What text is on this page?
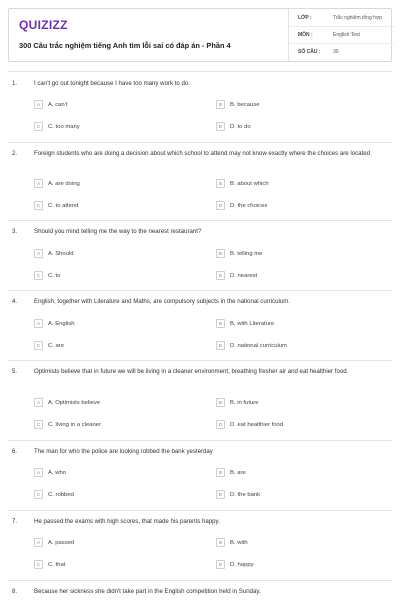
QUIZIZZ
300 Câu trắc nghiệm tiếng Anh tìm lỗi sai có đáp án - Phần 4
LỚP :	Trắc nghiệm tổng hợp
MÔN :	English Test
SỐ CÂU :	30
1.	I can't go out tonight because I have too many work to do.
A	A. can't	B	B. because
C	C. too many	D	D. to do
2.	Foreign students who are doing a decision about which school to attend may not know exactly where the choices are located
A	A. are doing	B	B. about which
C	C. to attend	D	D. the choices
3.	Should you mind telling me the way to the nearest restaurant?
A	A. Should	B	B. telling me
C	C. to	D	D. nearest
4.	English, together with Literature and Maths, are compulsory subjects in the national curriculum.
A	A. English	B	B. with Literature
C	C. are	D	D. national curriculum
5.	Optimists believe that in future we will be living in a cleaner environment, breathing fresher air and eat healthier food.
A	A. Optimists believe	B	B. in future
C	C. living in a cleaner	D	D. eat healthier food
6.	The man for who the police are looking robbed the bank yesterday
A	A. who	B	B. are
C	C. robbed	D	D. the bank
7.	He passed the exams with high scores, that made his parents happy.
A	A. passed	B	B. with
C	C. that	D	D. happy
8.	Because her sickness she didn't take part in the English competition held in Sunday.
